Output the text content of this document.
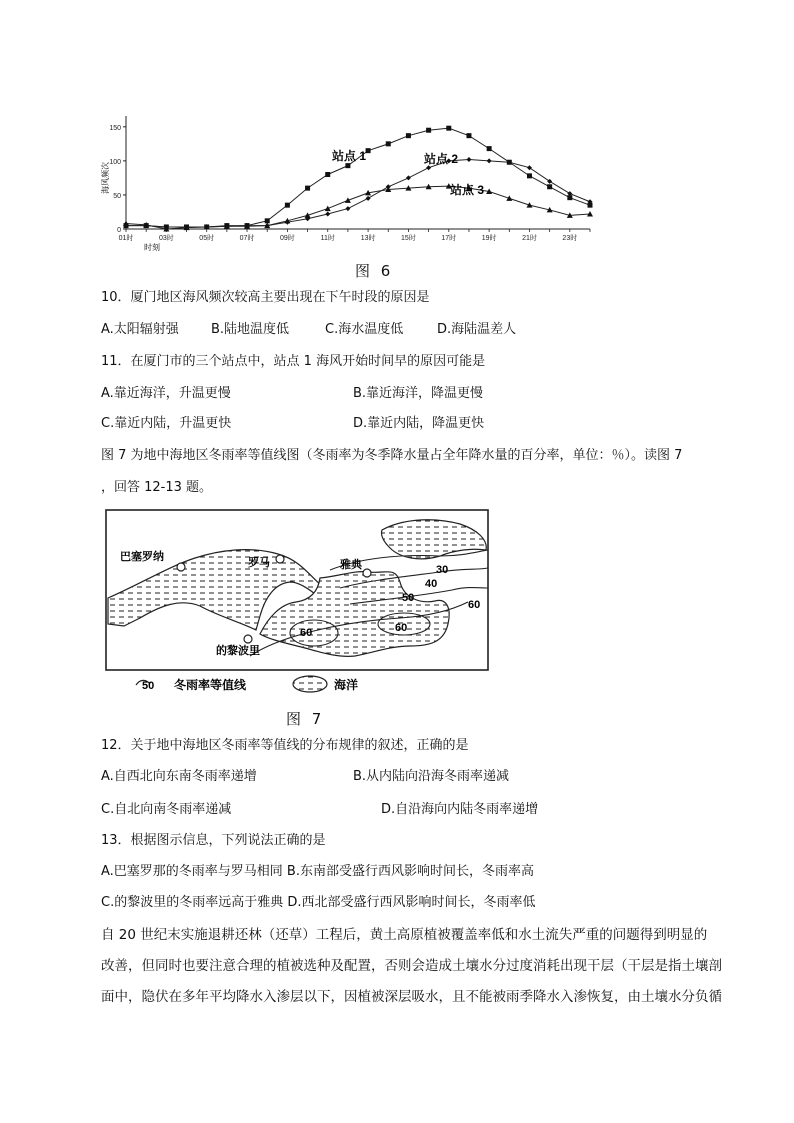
海风频次
0
50
100
150
01时	03时	05时	07时	09时	11时	13时	15时	17时	19时	21时	23时
时刻
站点 1	站点 2
站点 3
图 6
10．厦门地区海风频次较高主要出现在下午时段的原因是
A.太阳辐射强 B.陆地温度低	C.海水温度低	D.海陆温差人
11．在厦门市的三个站点中，站点 1 海风开始时间早的原因可能是
A.靠近海洋，升温更慢	B.靠近海洋，降温更慢
C.靠近内陆，升温更快	D.靠近内陆，降温更快
图 7 为地中海地区冬雨率等值线图（冬雨率为冬季降水量占全年降水量的百分率，单位：％）。读图 7
，回答 12-13 题。
30
40
50
60
60	60
巴塞罗纳	罗马	雅典
的黎波里
50 冬雨率等值线	海洋
图 7
12．关于地中海地区冬雨率等值线的分布规律的叙述，正确的是
A.自西北向东南冬雨率递增	B.从内陆向沿海冬雨率递减
C.自北向南冬雨率递减	D.自沿海向内陆冬雨率递增
13．根据图示信息，下列说法正确的是
A.巴塞罗那的冬雨率与罗马相同 B.东南部受盛行西风影响时间长，冬雨率高
C.的黎波里的冬雨率远高于雅典 D.西北部受盛行西风影响时间长，冬雨率低
自 20 世纪末实施退耕还林（还草）工程后，黄土高原植被覆盖率低和水土流失严重的问题得到明显的
改善，但同时也要注意合理的植被选种及配置，否则会造成土壤水分过度消耗出现干层（干层是指土壤剖
面中，隐伏在多年平均降水入渗层以下，因植被深层吸水，且不能被雨季降水入渗恢复，由土壤水分负循
